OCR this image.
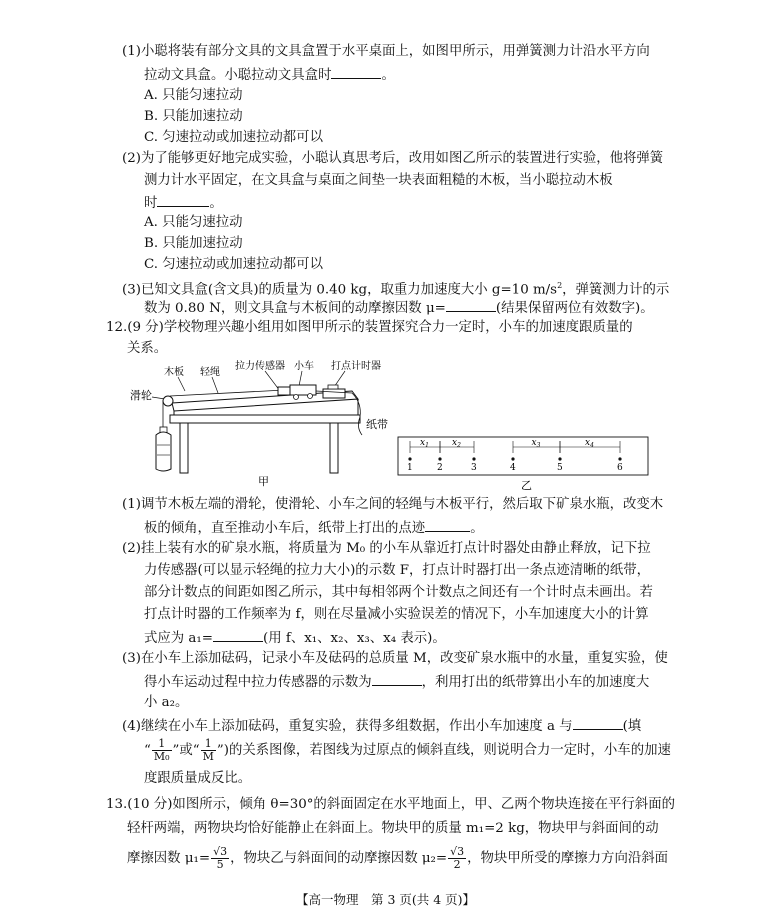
(1)小聪将装有部分文具的文具盒置于水平桌面上，如图甲所示，用弹簧测力计沿水平方向
拉动文具盒。小聪拉动文具盒时	。
A. 只能匀速拉动
B. 只能加速拉动
C. 匀速拉动或加速拉动都可以
(2)为了能够更好地完成实验，小聪认真思考后，改用如图乙所示的装置进行实验，他将弹簧
测力计水平固定，在文具盒与桌面之间垫一块表面粗糙的木板，当小聪拉动木板
时	。
A. 只能匀速拉动
B. 只能加速拉动
C. 匀速拉动或加速拉动都可以
(3)已知文具盒(含文具)的质量为 0.40 kg，取重力加速度大小 g=10 $m/s^2$，弹簧测力计的示
数为 0.80 N，则文具盒与木板间的动摩擦因数 μ=	(结果保留两位有效数字)。
12.(9 分)学校物理兴趣小组用如图甲所示的装置探究合力一定时，小车的加速度跟质量的
关系。
木板 轻绳
拉力传感器 小车 打点计时器
滑轮
纸带
甲
1	2	3	4	5	6
$x_1$	$x_2$	$x_3$	$x_4$
乙
(1)调节木板左端的滑轮，使滑轮、小车之间的轻绳与木板平行，然后取下矿泉水瓶，改变木
板的倾角，直至推动小车后，纸带上打出的点迹	。
(2)挂上装有水的矿泉水瓶，将质量为 M₀ 的小车从靠近打点计时器处由静止释放，记下拉
力传感器(可以显示轻绳的拉力大小)的示数 F，打点计时器打出一条点迹清晰的纸带，
部分计数点的间距如图乙所示，其中每相邻两个计数点之间还有一个计时点未画出。若
打点计时器的工作频率为 f，则在尽量减小实验误差的情况下，小车加速度大小的计算
式应为 a₁=	(用 f、x₁、x₂、x₃、x₄ 表示)。
(3)在小车上添加砝码，记录小车及砝码的总质量 M，改变矿泉水瓶中的水量，重复实验，使
得小车运动过程中拉力传感器的示数为	，利用打出的纸带算出小车的加速度大
小 a₂。
(4)继续在小车上添加砝码，重复实验，获得多组数据，作出小车加速度 a 与	(填
“ $\frac{1}{\text{M₀}}$ ”或“ $\frac{1}{M}$ ”)的关系图像，若图线为过原点的倾斜直线，则说明合力一定时，小车的加速
度跟质量成反比。
13.(10 分)如图所示，倾角 θ=30°的斜面固定在水平地面上，甲、乙两个物块连接在平行斜面的
轻杆两端，两物块均恰好能静止在斜面上。物块甲的质量 m₁=2 kg，物块甲与斜面间的动
摩擦因数 $\mu_1= \frac{√3}{5}$ ，物块乙与斜面间的动摩擦因数 $\mu_2= \frac{√3}{2}$ ，物块甲所受的摩擦力方向沿斜面
【高一物理　第 3 页(共 4 页)】
